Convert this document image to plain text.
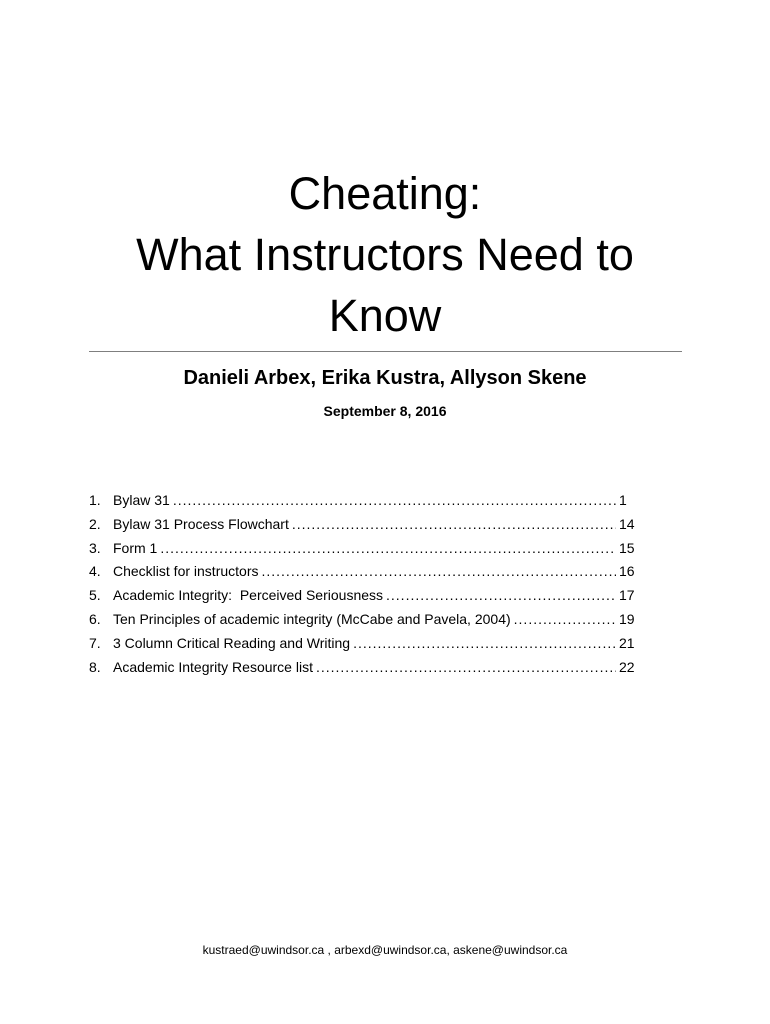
Cheating:
What Instructors Need to
Know
Danieli Arbex, Erika Kustra, Allyson Skene
September 8, 2016
1. Bylaw 31 .....	1
2. Bylaw 31 Process Flowchart .....	14
3. Form 1 .....	15
4. Checklist for instructors .....	16
5. Academic Integrity:  Perceived Seriousness .....	17
6. Ten Principles of academic integrity (McCabe and Pavela, 2004) .....	19
7. 3 Column Critical Reading and Writing .....	21
8. Academic Integrity Resource list .....	22
kustraed@uwindsor.ca , arbexd@uwindsor.ca, askene@uwindsor.ca
